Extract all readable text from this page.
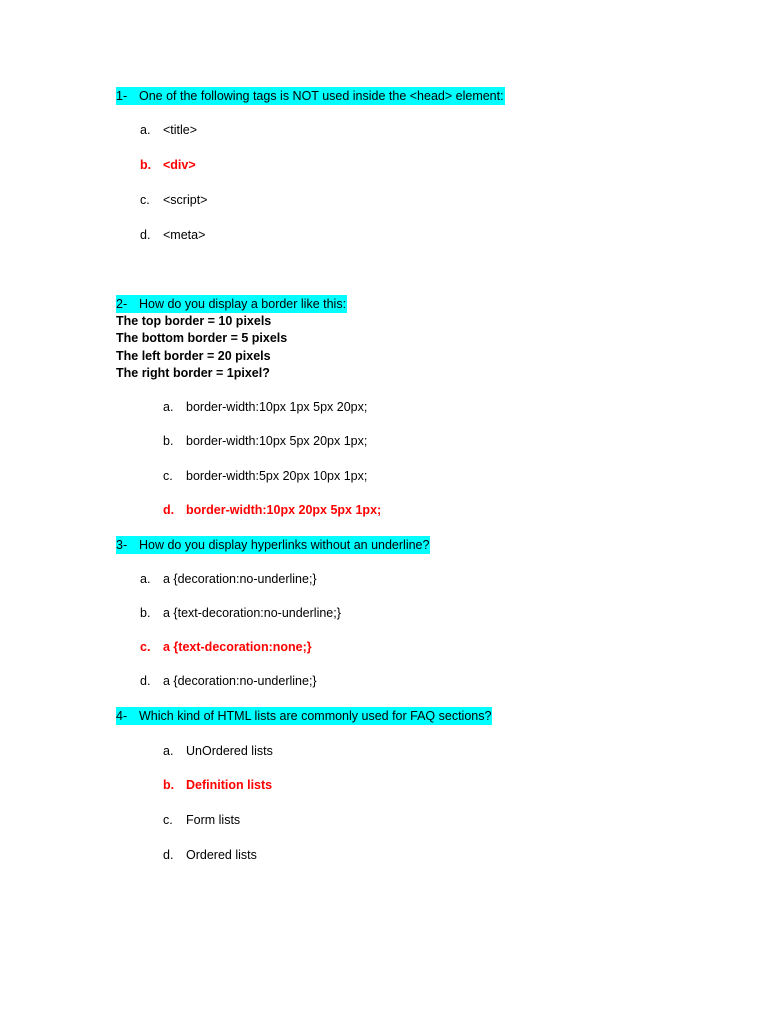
1- One of the following tags is NOT used inside the <head> element:
a. <title>
b. <div>
c. <script>
d. <meta>
2- How do you display a border like this:
The top border = 10 pixels
The bottom border = 5 pixels
The left border = 20 pixels
The right border = 1pixel?
a. border-width:10px 1px 5px 20px;
b. border-width:10px 5px 20px 1px;
c. border-width:5px 20px 10px 1px;
d. border-width:10px 20px 5px 1px;
3- How do you display hyperlinks without an underline?
a. a {decoration:no-underline;}
b. a {text-decoration:no-underline;}
c. a {text-decoration:none;}
d. a {decoration:no-underline;}
4- Which kind of HTML lists are commonly used for FAQ sections?
a. UnOrdered lists
b. Definition lists
c. Form lists
d. Ordered lists
